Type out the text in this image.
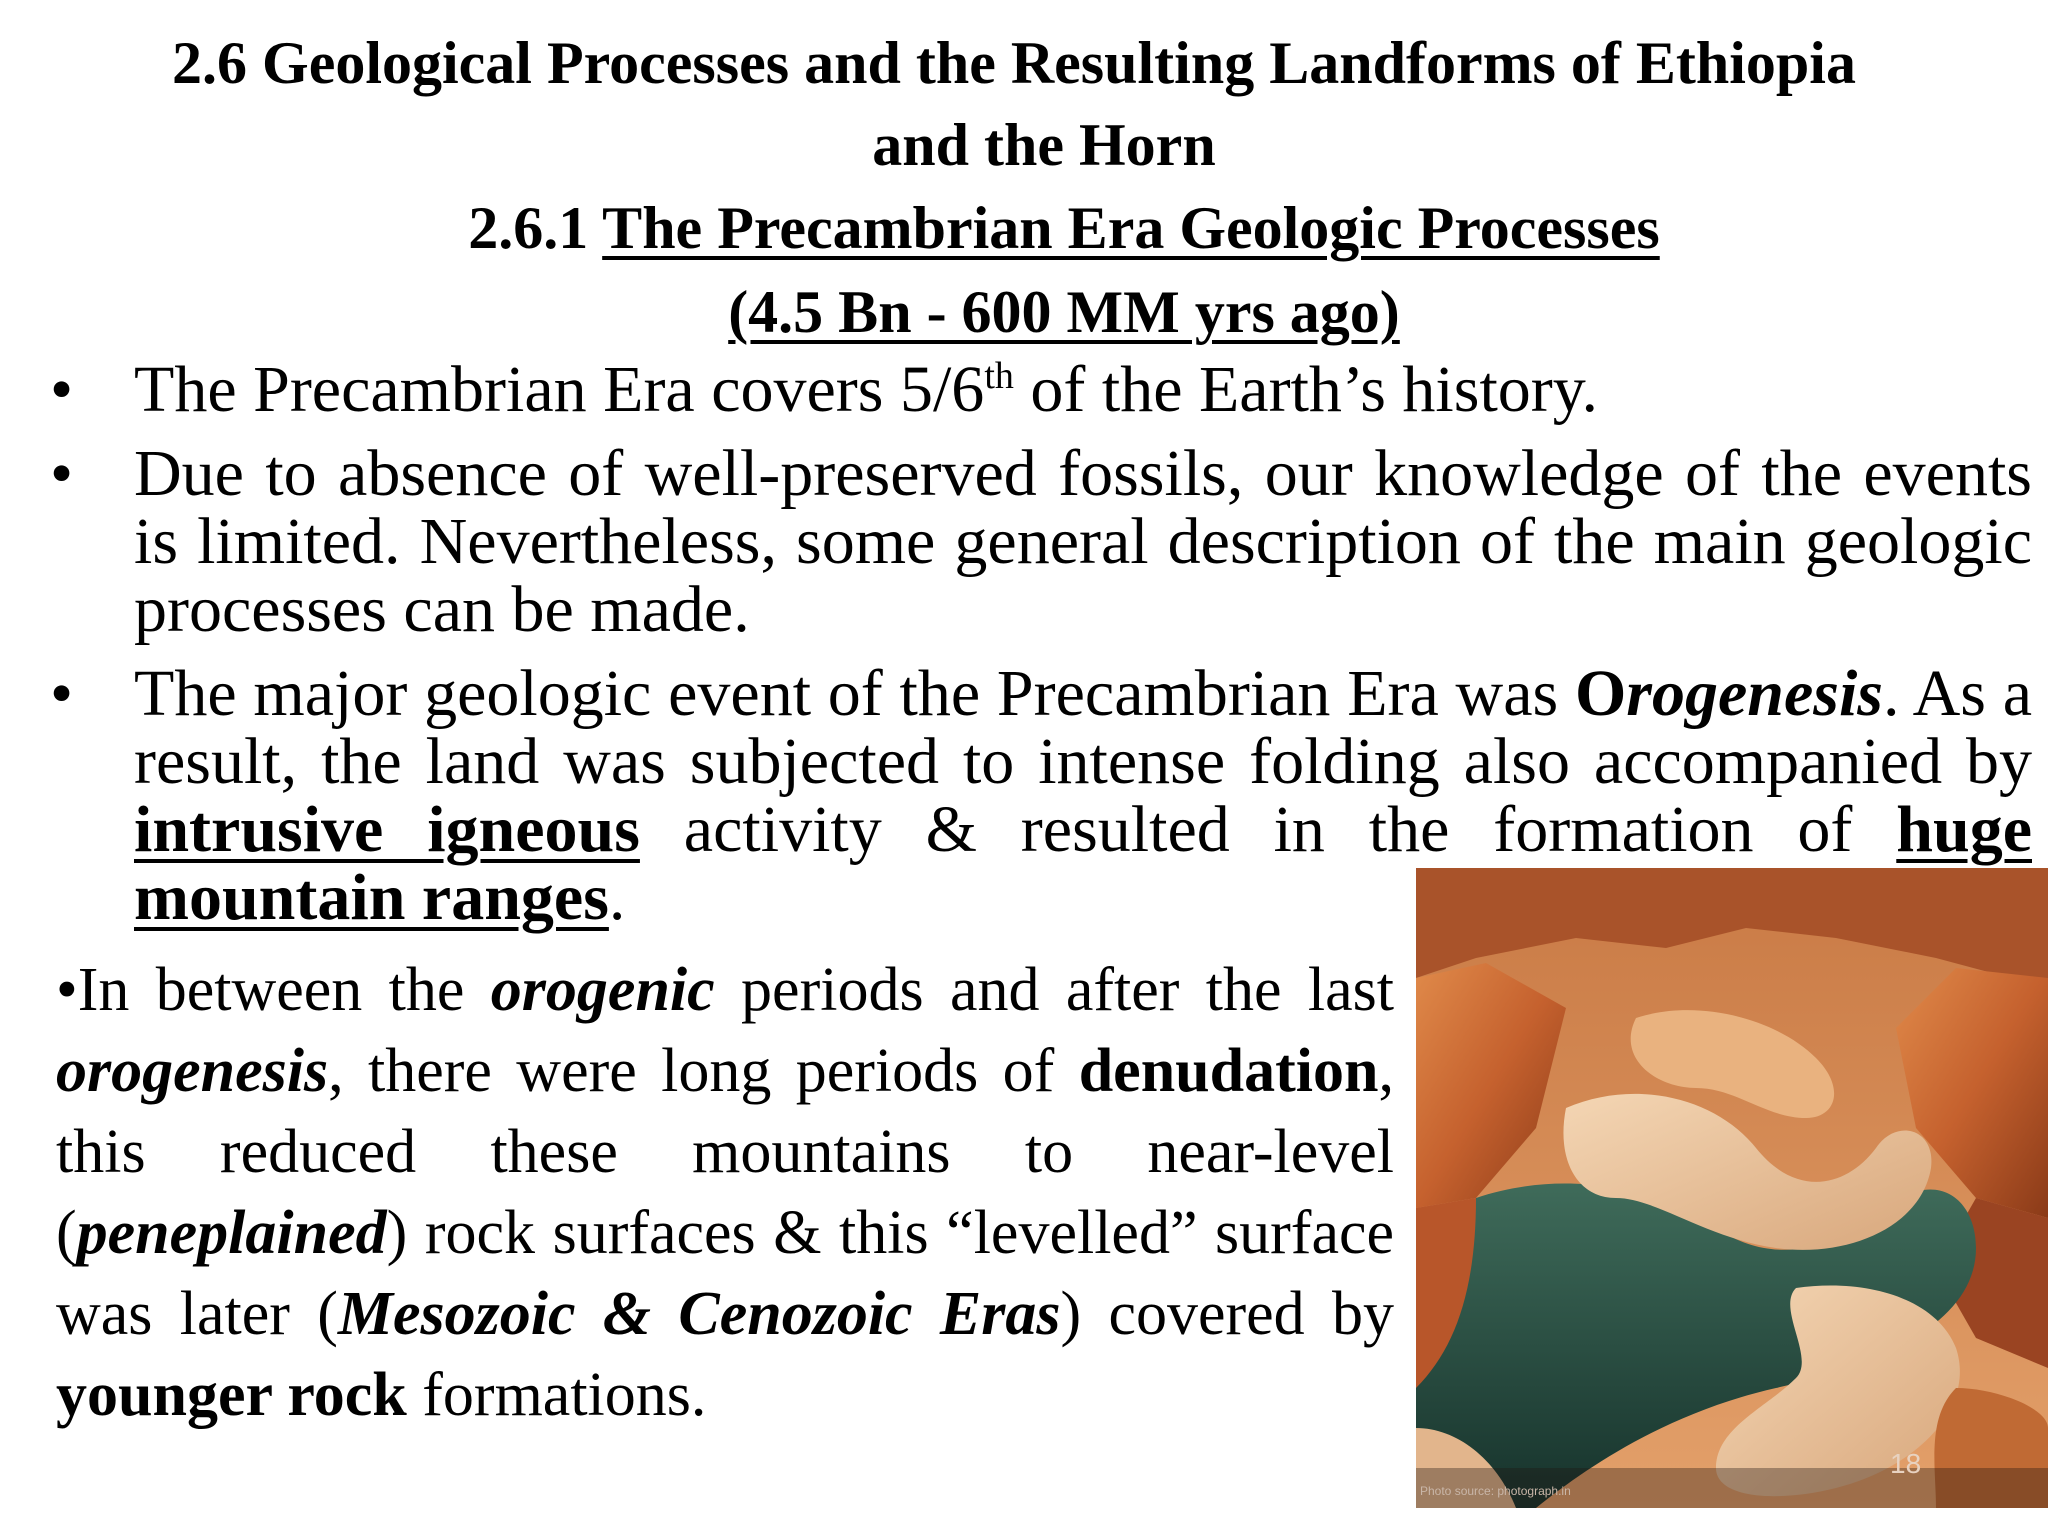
2.6 Geological Processes and the Resulting Landforms of Ethiopia
and the Horn
2.6.1 The Precambrian Era Geologic Processes
(4.5 Bn - 600 MM yrs ago)
• The Precambrian Era covers 5/6th of the Earth’s history.
• Due to absence of well-preserved fossils, our knowledge of the events is limited. Nevertheless, some general description of the main geologic processes can be made.
• The major geologic event of the Precambrian Era was Orogenesis. As a result, the land was subjected to intense folding also accompanied by intrusive igneous activity & resulted in the formation of huge mountain ranges.
•In between the orogenic periods and after the last orogenesis, there were long periods of denudation, this reduced these mountains to near-level (peneplained) rock surfaces & this “levelled” surface was later (Mesozoic & Cenozoic Eras) covered by younger rock formations.
Photo source: photograph.in
18
